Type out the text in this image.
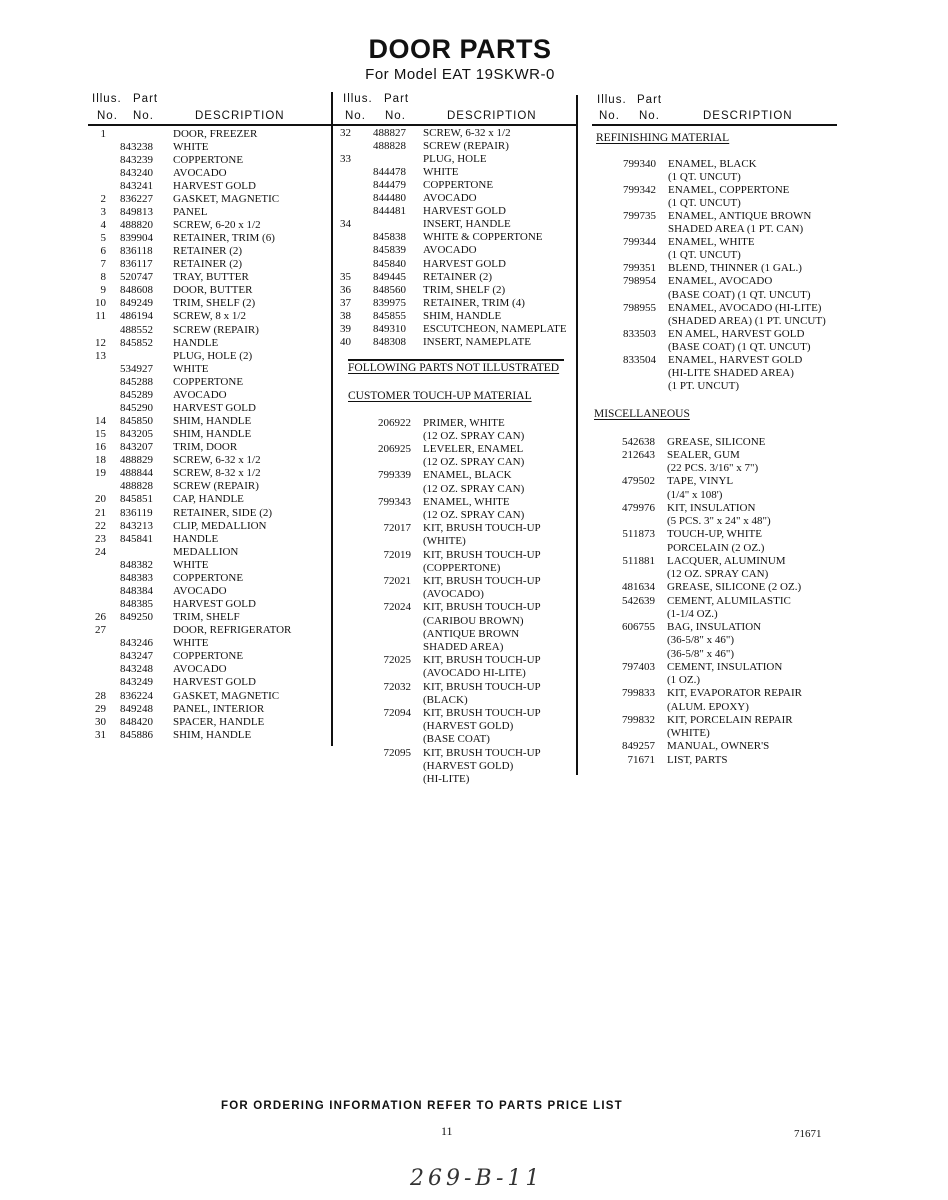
DOOR PARTS
For Model EAT 19SKWR-0
Illus. Part
No. No.	DESCRIPTION
Illus. Part
No. No.	DESCRIPTION
Illus. Part
No. No.	DESCRIPTION
1	DOOR, FREEZER
843238 WHITE
843239 COPPERTONE
843240 AVOCADO
843241 HARVEST GOLD
2 836227 GASKET, MAGNETIC
3 849813 PANEL
4 488820 SCREW, 6-20 x 1/2
5 839904 RETAINER, TRIM (6)
6 836118 RETAINER (2)
7 836117 RETAINER (2)
8 520747 TRAY, BUTTER
9 848608 DOOR, BUTTER
10 849249 TRIM, SHELF (2)
11 486194 SCREW, 8 x 1/2
488552 SCREW (REPAIR)
12 845852 HANDLE
13	PLUG, HOLE (2)
534927 WHITE
845288 COPPERTONE
845289 AVOCADO
845290 HARVEST GOLD
14 845850 SHIM, HANDLE
15 843205 SHIM, HANDLE
16 843207 TRIM, DOOR
18 488829 SCREW, 6-32 x 1/2
19 488844 SCREW, 8-32 x 1/2
488828 SCREW (REPAIR)
20 845851 CAP, HANDLE
21 836119 RETAINER, SIDE (2)
22 843213 CLIP, MEDALLION
23 845841 HANDLE
24	MEDALLION
848382 WHITE
848383 COPPERTONE
848384 AVOCADO
848385 HARVEST GOLD
26 849250 TRIM, SHELF
27	DOOR, REFRIGERATOR
843246 WHITE
843247 COPPERTONE
843248 AVOCADO
843249 HARVEST GOLD
28 836224 GASKET, MAGNETIC
29 849248 PANEL, INTERIOR
30 848420 SPACER, HANDLE
31 845886 SHIM, HANDLE
32 488827 SCREW, 6-32 x 1/2
488828 SCREW (REPAIR)
33	PLUG, HOLE
844478 WHITE
844479 COPPERTONE
844480 AVOCADO
844481 HARVEST GOLD
34	INSERT, HANDLE
845838 WHITE & COPPERTONE
845839 AVOCADO
845840 HARVEST GOLD
35 849445 RETAINER (2)
36 848560 TRIM, SHELF (2)
37 839975 RETAINER, TRIM (4)
38 845855 SHIM, HANDLE
39 849310 ESCUTCHEON, NAMEPLATE
40 848308 INSERT, NAMEPLATE
FOLLOWING PARTS NOT ILLUSTRATED
CUSTOMER TOUCH-UP MATERIAL
206922 PRIMER, WHITE
(12 OZ. SPRAY CAN)
206925 LEVELER, ENAMEL
(12 OZ. SPRAY CAN)
799339 ENAMEL, BLACK
(12 OZ. SPRAY CAN)
799343 ENAMEL, WHITE
(12 OZ. SPRAY CAN)
72017 KIT, BRUSH TOUCH-UP
(WHITE)
72019 KIT, BRUSH TOUCH-UP
(COPPERTONE)
72021 KIT, BRUSH TOUCH-UP
(AVOCADO)
72024 KIT, BRUSH TOUCH-UP
(CARIBOU BROWN)
(ANTIQUE BROWN
SHADED AREA)
72025 KIT, BRUSH TOUCH-UP
(AVOCADO HI-LITE)
72032 KIT, BRUSH TOUCH-UP
(BLACK)
72094 KIT, BRUSH TOUCH-UP
(HARVEST GOLD)
(BASE COAT)
72095 KIT, BRUSH TOUCH-UP
(HARVEST GOLD)
(HI-LITE)
REFINISHING MATERIAL
799340 ENAMEL, BLACK
(1 QT. UNCUT)
799342 ENAMEL, COPPERTONE
(1 QT. UNCUT)
799735 ENAMEL, ANTIQUE BROWN
SHADED AREA (1 PT. CAN)
799344 ENAMEL, WHITE
(1 QT. UNCUT)
799351 BLEND, THINNER (1 GAL.)
798954 ENAMEL, AVOCADO
(BASE COAT) (1 QT. UNCUT)
798955 ENAMEL, AVOCADO (HI-LITE)
(SHADED AREA) (1 PT. UNCUT)
833503 EN AMEL, HARVEST GOLD
(BASE COAT) (1 QT. UNCUT)
833504 ENAMEL, HARVEST GOLD
(HI-LITE SHADED AREA)
(1 PT. UNCUT)
MISCELLANEOUS
542638 GREASE, SILICONE
212643 SEALER, GUM
(22 PCS. 3/16" x 7")
479502 TAPE, VINYL
(1/4" x 108')
479976 KIT, INSULATION
(5 PCS. 3" x 24" x 48")
511873 TOUCH-UP, WHITE
PORCELAIN (2 OZ.)
511881 LACQUER, ALUMINUM
(12 OZ. SPRAY CAN)
481634 GREASE, SILICONE (2 OZ.)
542639 CEMENT, ALUMILASTIC
(1-1/4 OZ.)
606755 BAG, INSULATION
(36-5/8" x 46")
(36-5/8" x 46")
797403 CEMENT, INSULATION
(1 OZ.)
799833 KIT, EVAPORATOR REPAIR
(ALUM. EPOXY)
799832 KIT, PORCELAIN REPAIR
(WHITE)
849257 MANUAL, OWNER'S
71671 LIST, PARTS
FOR ORDERING INFORMATION REFER TO PARTS PRICE LIST
11	71671
269-B-11
